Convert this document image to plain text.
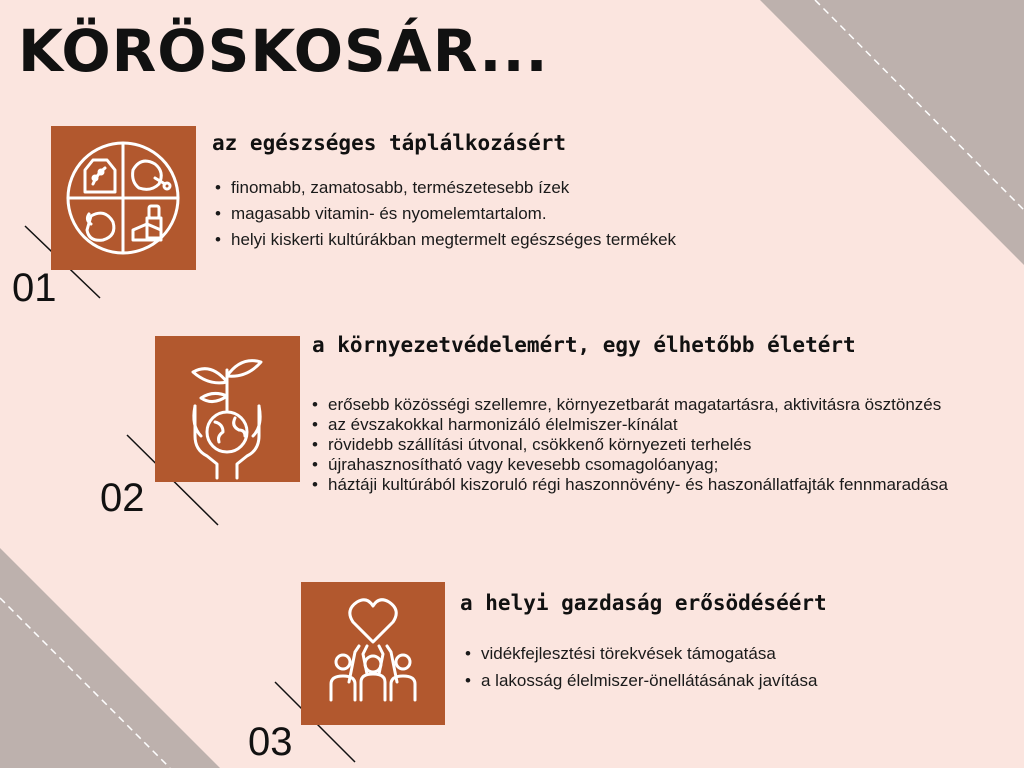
KÖRÖSKOSÁR...
01
az egészséges táplálkozásért
• finomabb, zamatosabb, természetesebb ízek
• magasabb vitamin- és nyomelemtartalom.
• helyi kiskerti kultúrákban megtermelt egészséges termékek
02
a környezetvédelemért, egy élhetőbb életért
• erősebb közösségi szellemre, környezetbarát magatartásra, aktivitásra ösztönzés
• az évszakokkal harmonizáló élelmiszer-kínálat
• rövidebb szállítási útvonal, csökkenő környezeti terhelés
• újrahasznosítható vagy kevesebb csomagolóanyag;
• háztáji kultúrából kiszoruló régi haszonnövény- és haszonállatfajták fennmaradása
03
a helyi gazdaság erősödéséért
• vidékfejlesztési törekvések támogatása
• a lakosság élelmiszer-önellátásának javítása
